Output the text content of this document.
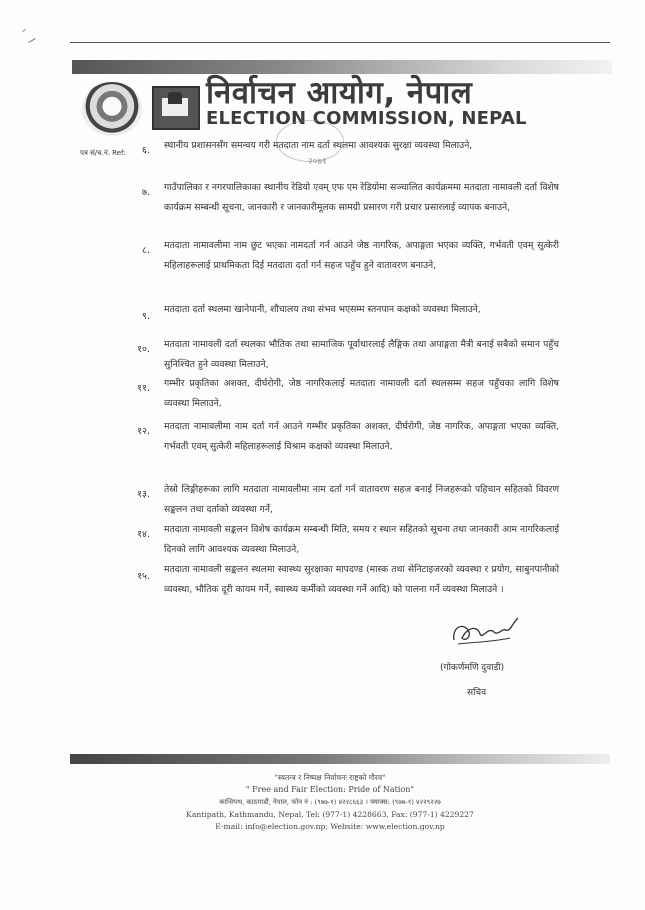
निर्वाचन आयोग, नेपाल
ELECTION COMMISSION, NEPAL
२०७१
पत्र सं/च.नं. Ref:	६. स्थानीय प्रशासनसँग समन्वय गरी मतदाता नाम दर्ता स्थलमा आवश्यक सुरक्षा व्यवस्था मिलाउने,
७. गाउँपालिका र नगरपालिकाका स्थानीय रेडियो एवम् एफ एम रेडियोमा सञ्चालित कार्यक्रममा मतदाता नामावली दर्ता विशेष कार्यक्रम सम्बन्धी सूचना, जानकारी र जानकारीमूलक सामग्री प्रसारण गरी प्रचार प्रसारलाई व्यापक बनाउने,
८. मतदाता नामावलीमा नाम छुट भएका नामदर्ता गर्न आउने जेष्ठ नागरिक, अपाङ्गता भएका व्यक्ति, गर्भवती एवम् सुत्केरी महिलाहरूलाई प्राथमिकता दिई मतदाता दर्ता गर्न सहज पहुँच हुने वातावरण बनाउने,
९.
मतदाता दर्ता स्थलमा खानेपानी, शौचालय तथा संभव भएसम्म स्तनपान कक्षको व्यवस्था मिलाउने,
१०. मतदाता नामावली दर्ता स्थलका भौतिक तथा सामाजिक पूर्वाधारलाई लैङ्गिक तथा अपाङ्गता मैत्री बनाई सबैको समान पहुँच सुनिश्चित हुने व्यवस्था मिलाउने,
११. गम्भीर प्रकृतिका अशक्त, दीर्घरोगी, जेष्ठ नागरिकलाई मतदाता नामावली दर्ता स्थलसम्म सहज पहुँचका लागि विशेष व्यवस्था मिलाउने,
१२. मतदाता नामावलीमा नाम दर्ता गर्न आउने गम्भीर प्रकृतिका अशक्त, दीर्घरोगी, जेष्ठ नागरिक, अपाङ्गता भएका व्यक्ति, गर्भवती एवम् सुत्केरी महिलाहरूलाई विश्राम कक्षको व्यवस्था मिलाउने,
१३. तेस्रो लिङ्गीहरूका लागि मतदाता नामावलीमा नाम दर्ता गर्न वातावरण सहज बनाई निजहरूको पहिचान सहितको विवरण सङ्कलन तथा दर्ताको व्यवस्था गर्ने,
१४. मतदाता नामावली सङ्कलन विशेष कार्यक्रम सम्बन्धी मिति, समय र स्थान सहितको सूचना तथा जानकारी आम नागरिकलाई दिनको लागि आवश्यक व्यवस्था मिलाउने,
१५.
मतदाता नामावली सङ्कलन स्थलमा स्वास्थ्य सुरक्षाका मापदण्ड (मास्क तथा सेनिटाइजरको व्यवस्था र प्रयोग, साबुनपानीको व्यवस्था, भौतिक दूरी कायम गर्ने, स्वास्थ्य कर्मीको व्यवस्था गर्ने आदि) को पालना गर्ने व्यवस्था मिलाउने ।
(गोकर्णमणि दुवाडी)
सचिव
"स्वतन्त्र र निष्पक्ष निर्वाचनः राष्ट्रको गौरव"
" Free and Fair Election: Pride of Nation"
कान्तिपथ, काठमाडौं, नेपाल, फोन नं : (९७७-१) ४२२८६६३ । फ्याक्स: (९७७-१) ४२२९२२७
Kantipath, Kathmandu, Nepal, Tel: (977-1) 4228663, Fax: (977-1) 4229227
E-mail: info@election.gov.np; Website: www.election.gov.np
